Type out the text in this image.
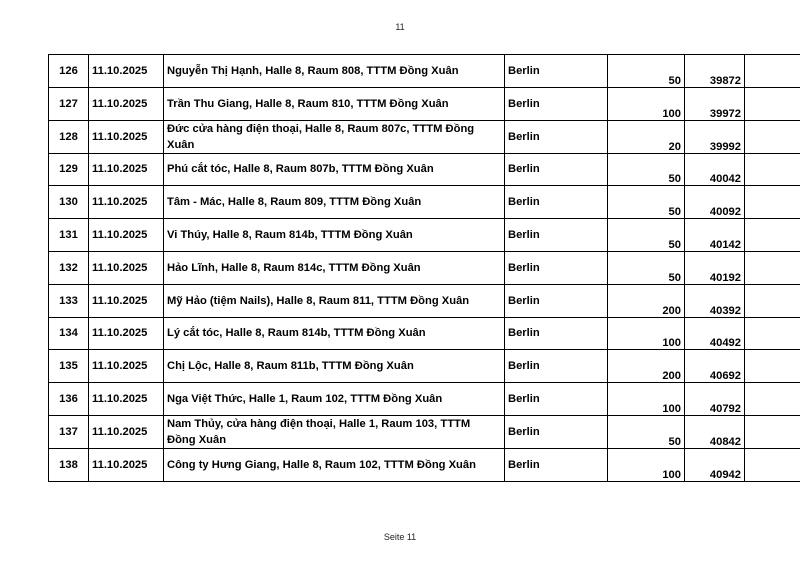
11
126	11.10.2025	Nguyễn Thị Hạnh, Halle 8, Raum 808, TTTM Đồng Xuân	Berlin	50	39872	
127	11.10.2025	Trần Thu Giang, Halle 8, Raum 810, TTTM Đồng Xuân	Berlin	100	39972	
128	11.10.2025	Đức cửa hàng điện thoại, Halle 8, Raum 807c, TTTM Đồng Xuân	Berlin	20	39992	
129	11.10.2025	Phú cắt tóc, Halle 8, Raum 807b, TTTM Đồng Xuân	Berlin	50	40042	
130	11.10.2025	Tâm - Mác, Halle 8, Raum 809, TTTM Đồng Xuân	Berlin	50	40092	
131	11.10.2025	Vi Thúy, Halle 8, Raum 814b, TTTM Đồng Xuân	Berlin	50	40142	
132	11.10.2025	Hảo Lĩnh, Halle 8, Raum 814c, TTTM Đồng Xuân	Berlin	50	40192	
133	11.10.2025	Mỹ Hảo (tiệm Nails), Halle 8, Raum 811, TTTM Đồng Xuân	Berlin	200	40392	
134	11.10.2025	Lý cắt tóc, Halle 8, Raum 814b, TTTM Đồng Xuân	Berlin	100	40492	
135	11.10.2025	Chị Lộc, Halle 8, Raum 811b, TTTM Đồng Xuân	Berlin	200	40692	
136	11.10.2025	Nga Việt Thức, Halle 1, Raum 102, TTTM Đồng Xuân	Berlin	100	40792	
137	11.10.2025	Nam Thủy, cửa hàng điện thoại, Halle 1, Raum 103, TTTM Đồng Xuân	Berlin	50	40842	
138	11.10.2025	Công ty Hưng Giang, Halle 8, Raum 102, TTTM Đồng Xuân	Berlin	100	40942	
Seite 11
